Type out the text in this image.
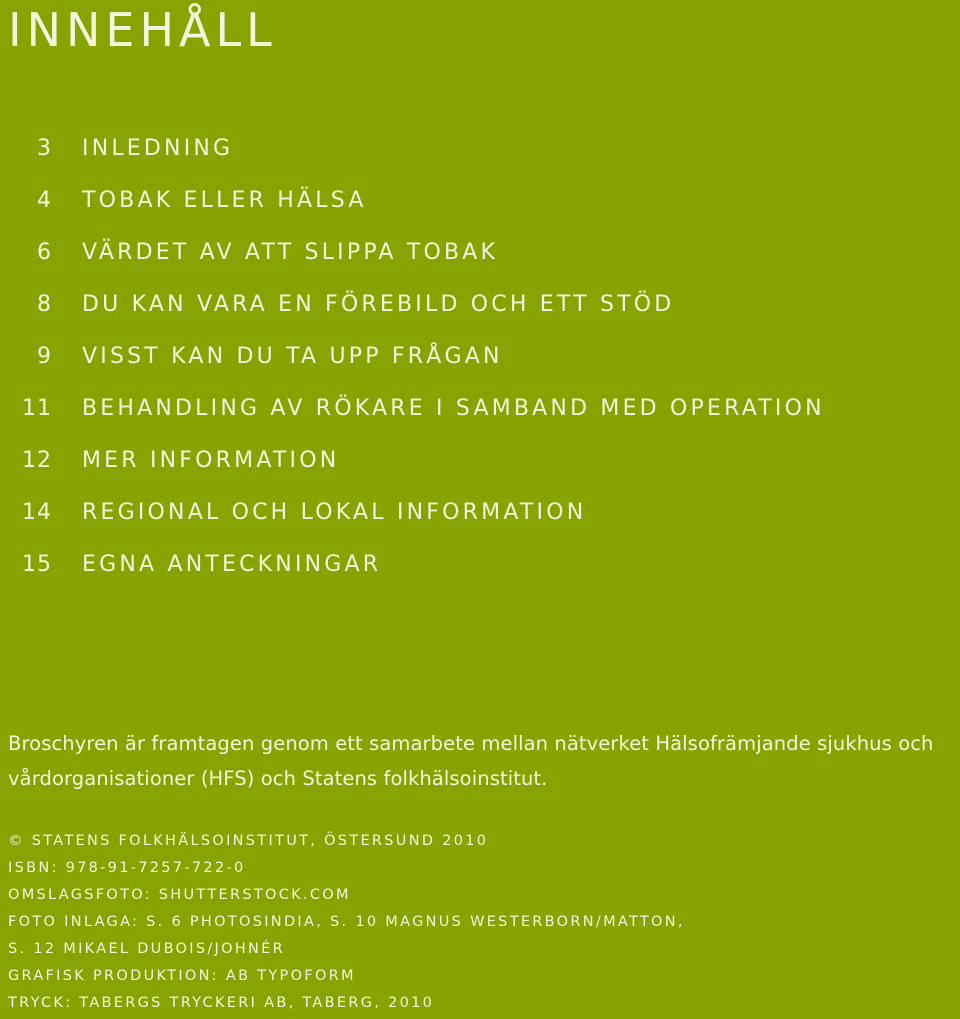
INNEHÅLL
3 INLEDNING
4 TOBAK ELLER HÄLSA
6 VÄRDET AV ATT SLIPPA TOBAK
8 DU KAN VARA EN FÖREBILD OCH ETT STÖD
9 VISST KAN DU TA UPP FRÅGAN
11 BEHANDLING AV RÖKARE I SAMBAND MED OPERATION
12 MER INFORMATION
14 REGIONAL OCH LOKAL INFORMATION
15 EGNA ANTECKNINGAR

Broschyren är framtagen genom ett samarbete mellan nätverket Hälsofrämjande sjukhus och vårdorganisationer (HFS) och Statens folkhälsoinstitut.

© STATENS FOLKHÄLSOINSTITUT, ÖSTERSUND 2010
ISBN: 978-91-7257-722-0
OMSLAGSFOTO: SHUTTERSTOCK.COM
FOTO INLAGA: S. 6 PHOTOSINDIA, S. 10 MAGNUS WESTERBORN/MATTON,
S. 12 MIKAEL DUBOIS/JOHNÉR
GRAFISK PRODUKTION: AB TYPOFORM
TRYCK: TABERGS TRYCKERI AB, TABERG, 2010
